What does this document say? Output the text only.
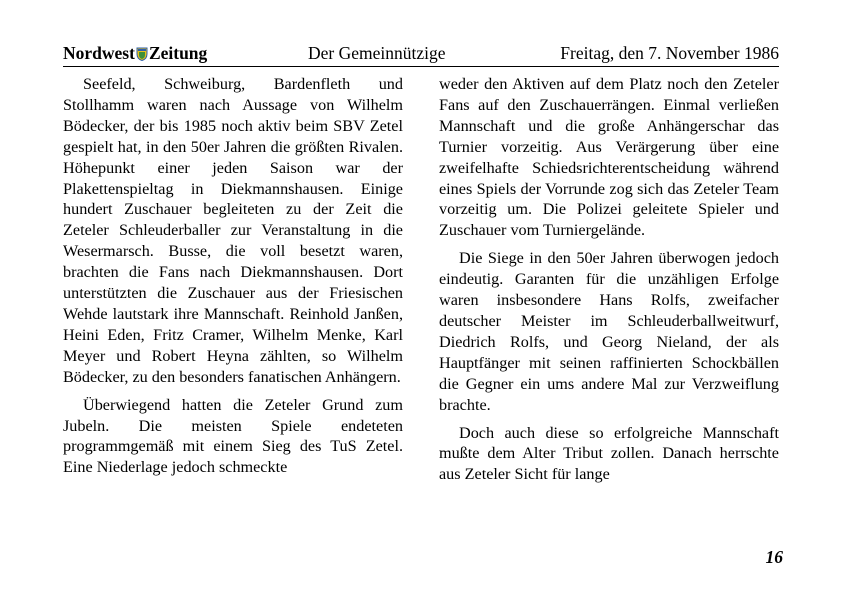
Nordwest Zeitung	Der Gemeinnützige	Freitag, den 7. November 1986

Seefeld, Schweiburg, Bardenfleth und Stollhamm waren nach Aussage von Wilhelm Bödecker, der bis 1985 noch aktiv beim SBV Zetel gespielt hat, in den 50er Jahren die größten Rivalen. Höhepunkt einer jeden Saison war der Plakettenspieltag in Diekmannshausen. Einige hundert Zuschauer begleiteten zu der Zeit die Zeteler Schleuderballer zur Veranstaltung in die Wesermarsch. Busse, die voll besetzt waren, brachten die Fans nach Diekmannshausen. Dort unterstützten die Zuschauer aus der Friesischen Wehde lautstark ihre Mannschaft. Reinhold Janßen, Heini Eden, Fritz Cramer, Wilhelm Menke, Karl Meyer und Robert Heyna zählten, so Wilhelm Bödecker, zu den besonders fanatischen Anhängern.

Überwiegend hatten die Zeteler Grund zum Jubeln. Die meisten Spiele endeteten programmgemäß mit einem Sieg des TuS Zetel. Eine Niederlage jedoch schmeckte

weder den Aktiven auf dem Platz noch den Zeteler Fans auf den Zuschauerrängen. Einmal verließen Mannschaft und die große Anhängerschar das Turnier vorzeitig. Aus Verärgerung über eine zweifelhafte Schiedsrichterentscheidung während eines Spiels der Vorrunde zog sich das Zeteler Team vorzeitig um. Die Polizei geleitete Spieler und Zuschauer vom Turniergelände.

Die Siege in den 50er Jahren überwogen jedoch eindeutig. Garanten für die unzähligen Erfolge waren insbesondere Hans Rolfs, zweifacher deutscher Meister im Schleuderballweitwurf, Diedrich Rolfs, und Georg Nieland, der als Hauptfänger mit seinen raffinierten Schockbällen die Gegner ein ums andere Mal zur Verzweiflung brachte.

Doch auch diese so erfolgreiche Mannschaft mußte dem Alter Tribut zollen. Danach herrschte aus Zeteler Sicht für lange

16
